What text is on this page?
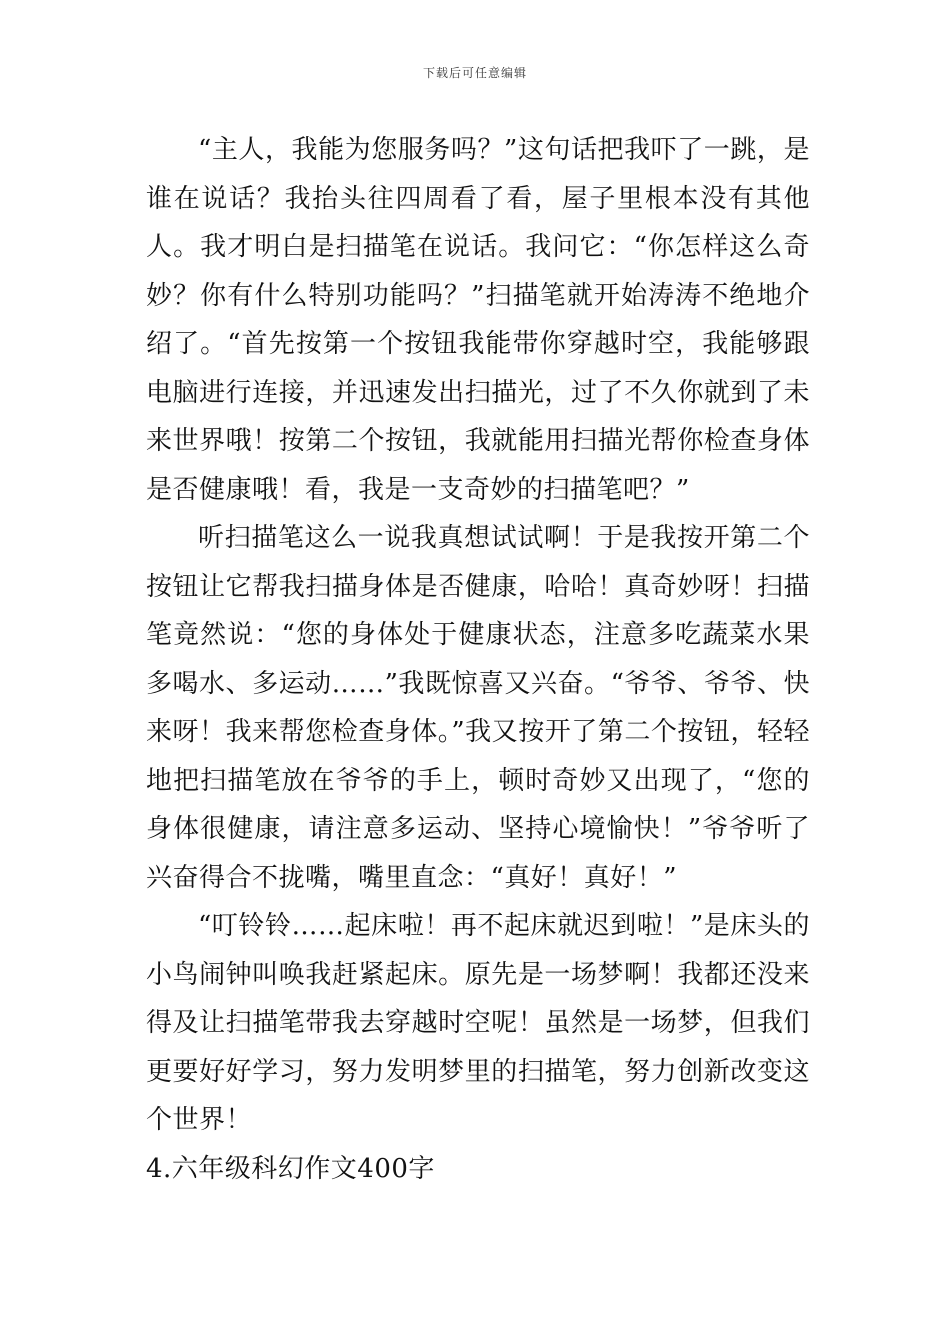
下载后可任意编辑

“主人，我能为您服务吗？”这句话把我吓了一跳，是谁在说话？我抬头往四周看了看，屋子里根本没有其他人。我才明白是扫描笔在说话。我问它：“你怎样这么奇妙？你有什么特别功能吗？”扫描笔就开始涛涛不绝地介绍了。“首先按第一个按钮我能带你穿越时空，我能够跟电脑进行连接，并迅速发出扫描光，过了不久你就到了未来世界哦！按第二个按钮，我就能用扫描光帮你检查身体是否健康哦！看，我是一支奇妙的扫描笔吧？”

听扫描笔这么一说我真想试试啊！于是我按开第二个按钮让它帮我扫描身体是否健康，哈哈！真奇妙呀！扫描笔竟然说：“您的身体处于健康状态，注意多吃蔬菜水果多喝水、多运动……”我既惊喜又兴奋。“爷爷、爷爷、快来呀！我来帮您检查身体。”我又按开了第二个按钮，轻轻地把扫描笔放在爷爷的手上，顿时奇妙又出现了，“您的身体很健康，请注意多运动、坚持心境愉快！”爷爷听了兴奋得合不拢嘴，嘴里直念：“真好！真好！”

“叮铃铃……起床啦！再不起床就迟到啦！”是床头的小鸟闹钟叫唤我赶紧起床。原先是一场梦啊！我都还没来得及让扫描笔带我去穿越时空呢！虽然是一场梦，但我们更要好好学习，努力发明梦里的扫描笔，努力创新改变这个世界！

4.六年级科幻作文400字
